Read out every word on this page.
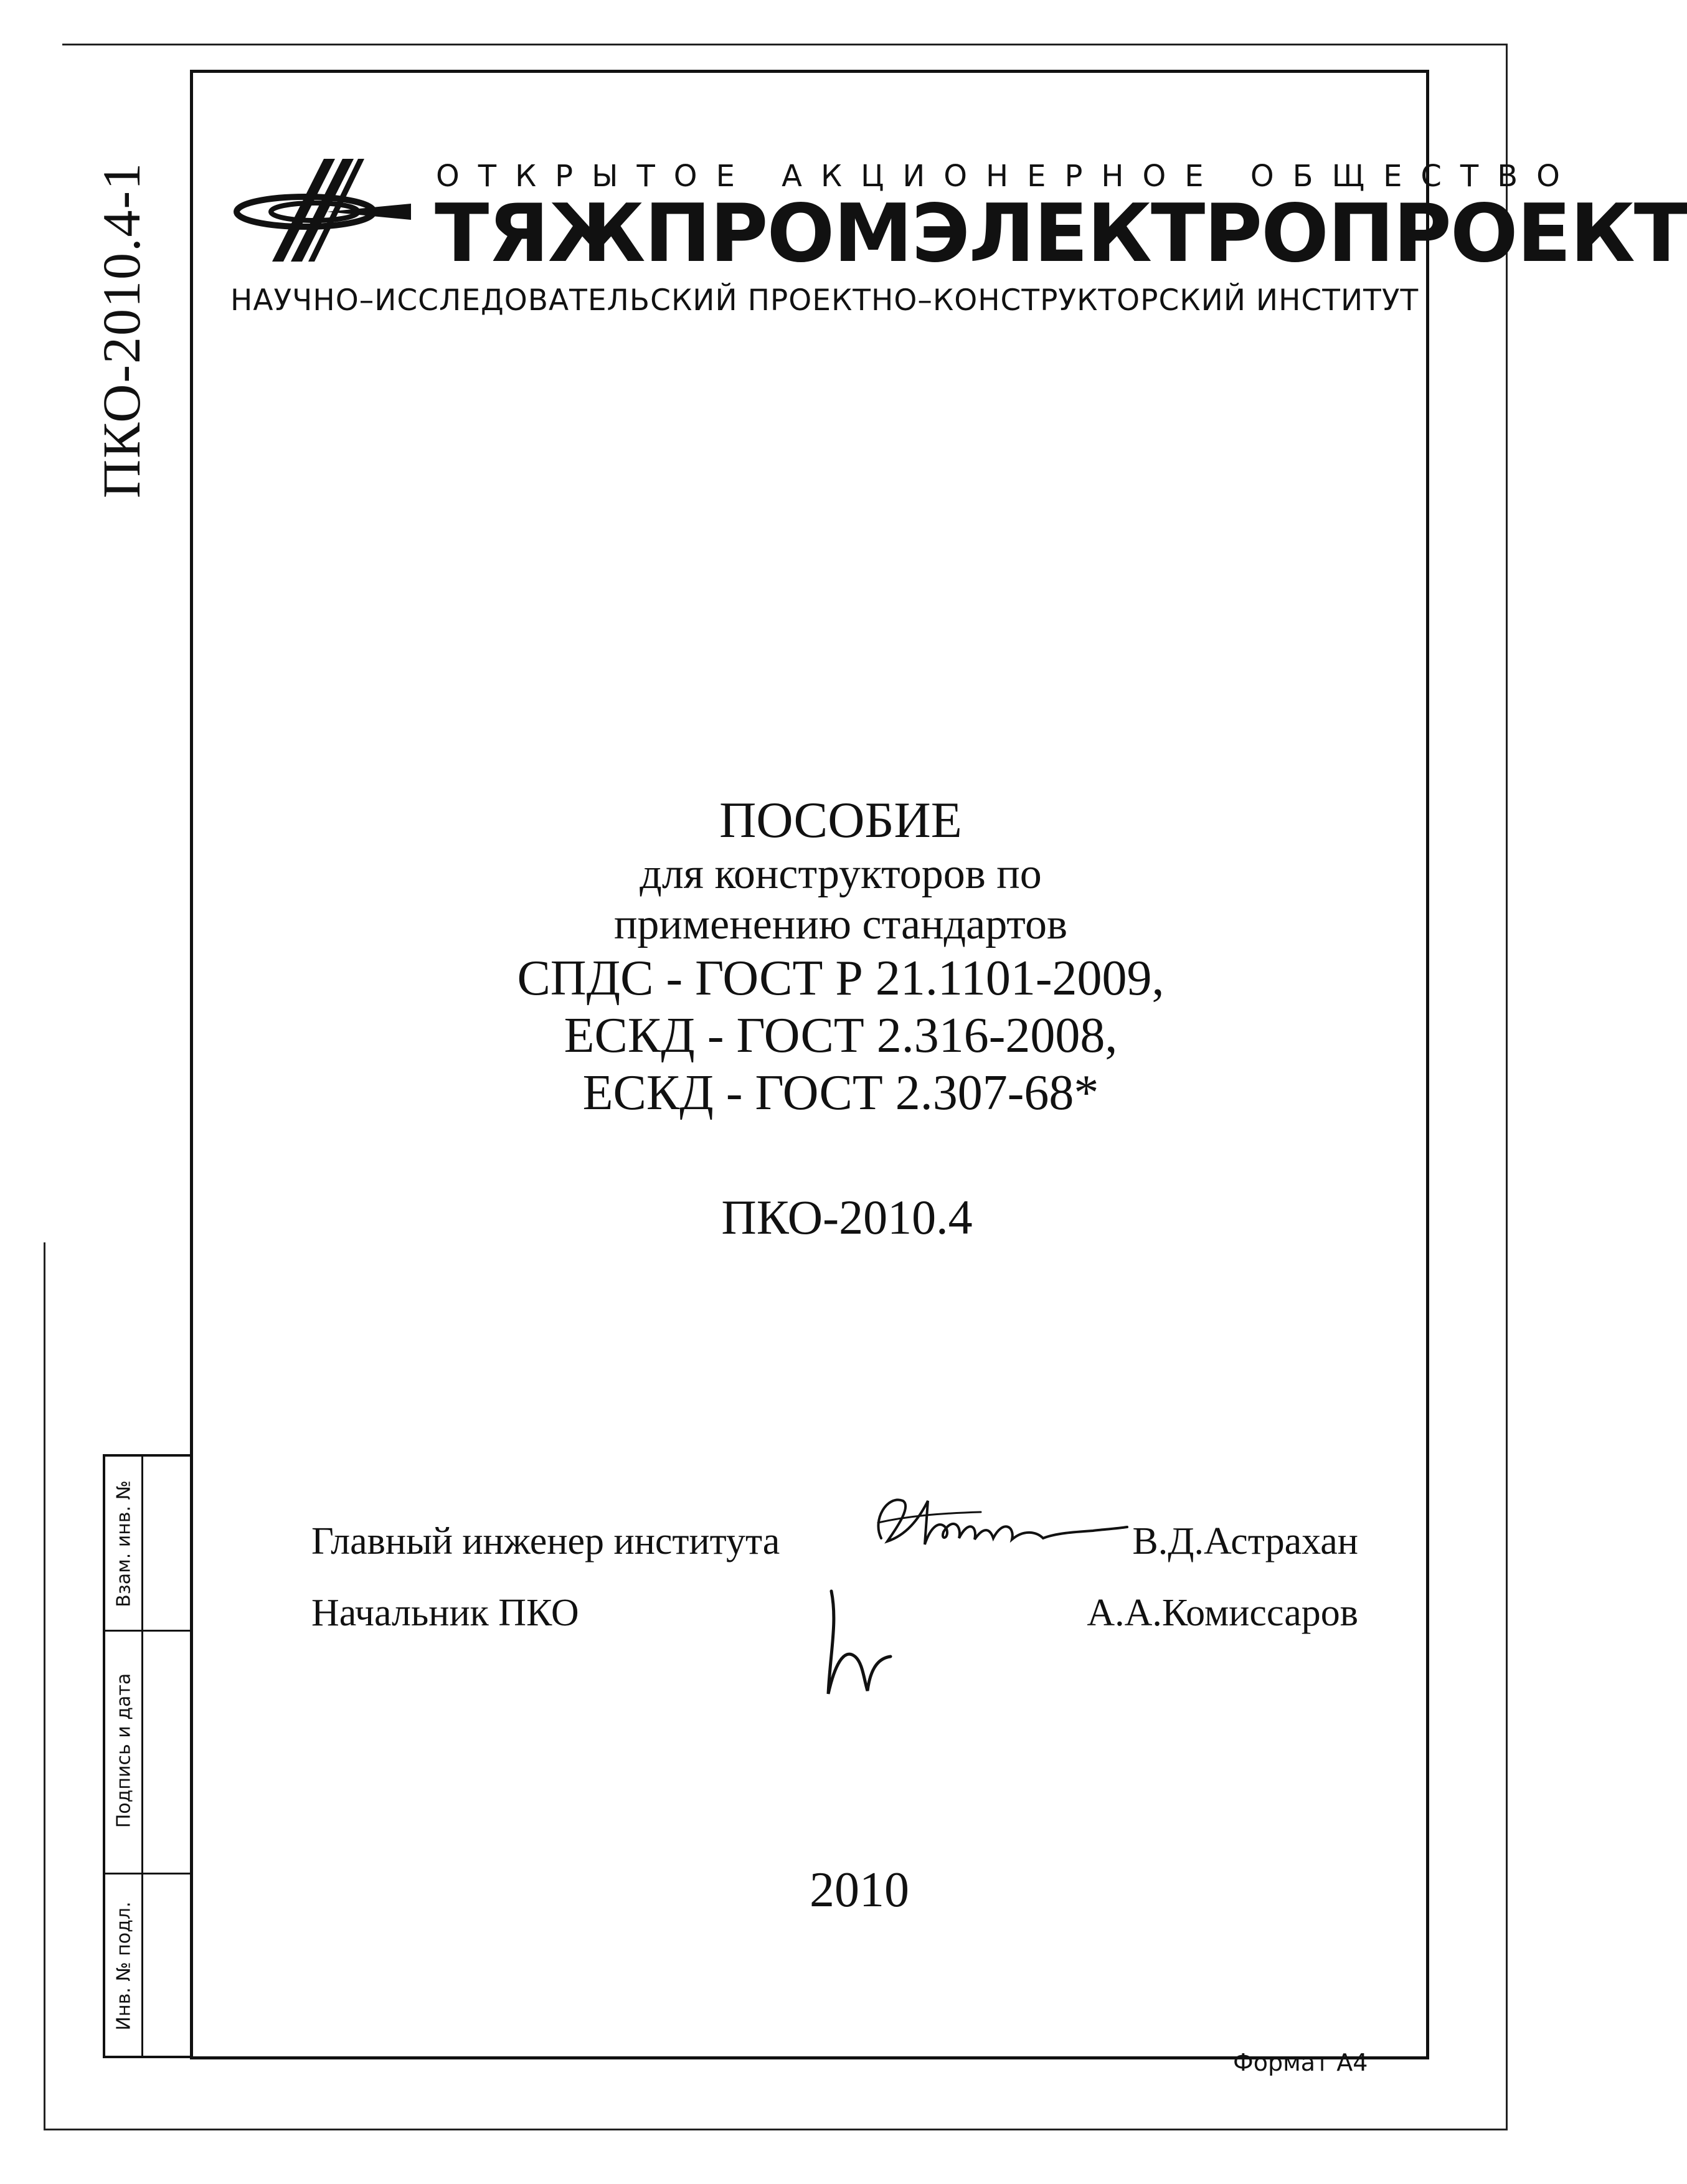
ПКО-2010.4-1
Взам. инв. №
Подпись и дата
Инв. № подл.
ОТКРЫТОЕ АКЦИОНЕРНОЕ ОБЩЕСТВО
ТЯЖПРОМЭЛЕКТРОПРОЕКТ
НАУЧНО–ИССЛЕДОВАТЕЛЬСКИЙ ПРОЕКТНО–КОНСТРУКТОРСКИЙ ИНСТИТУТ
ПОСОБИЕ
для конструкторов по
применению стандартов
СПДС - ГОСТ Р 21.1101-2009,
ЕСКД - ГОСТ 2.316-2008,
ЕСКД - ГОСТ 2.307-68*
ПКО-2010.4
Главный инженер института	В.Д.Астрахан
Начальник ПКО	А.А.Комиссаров
2010
Формат А4
